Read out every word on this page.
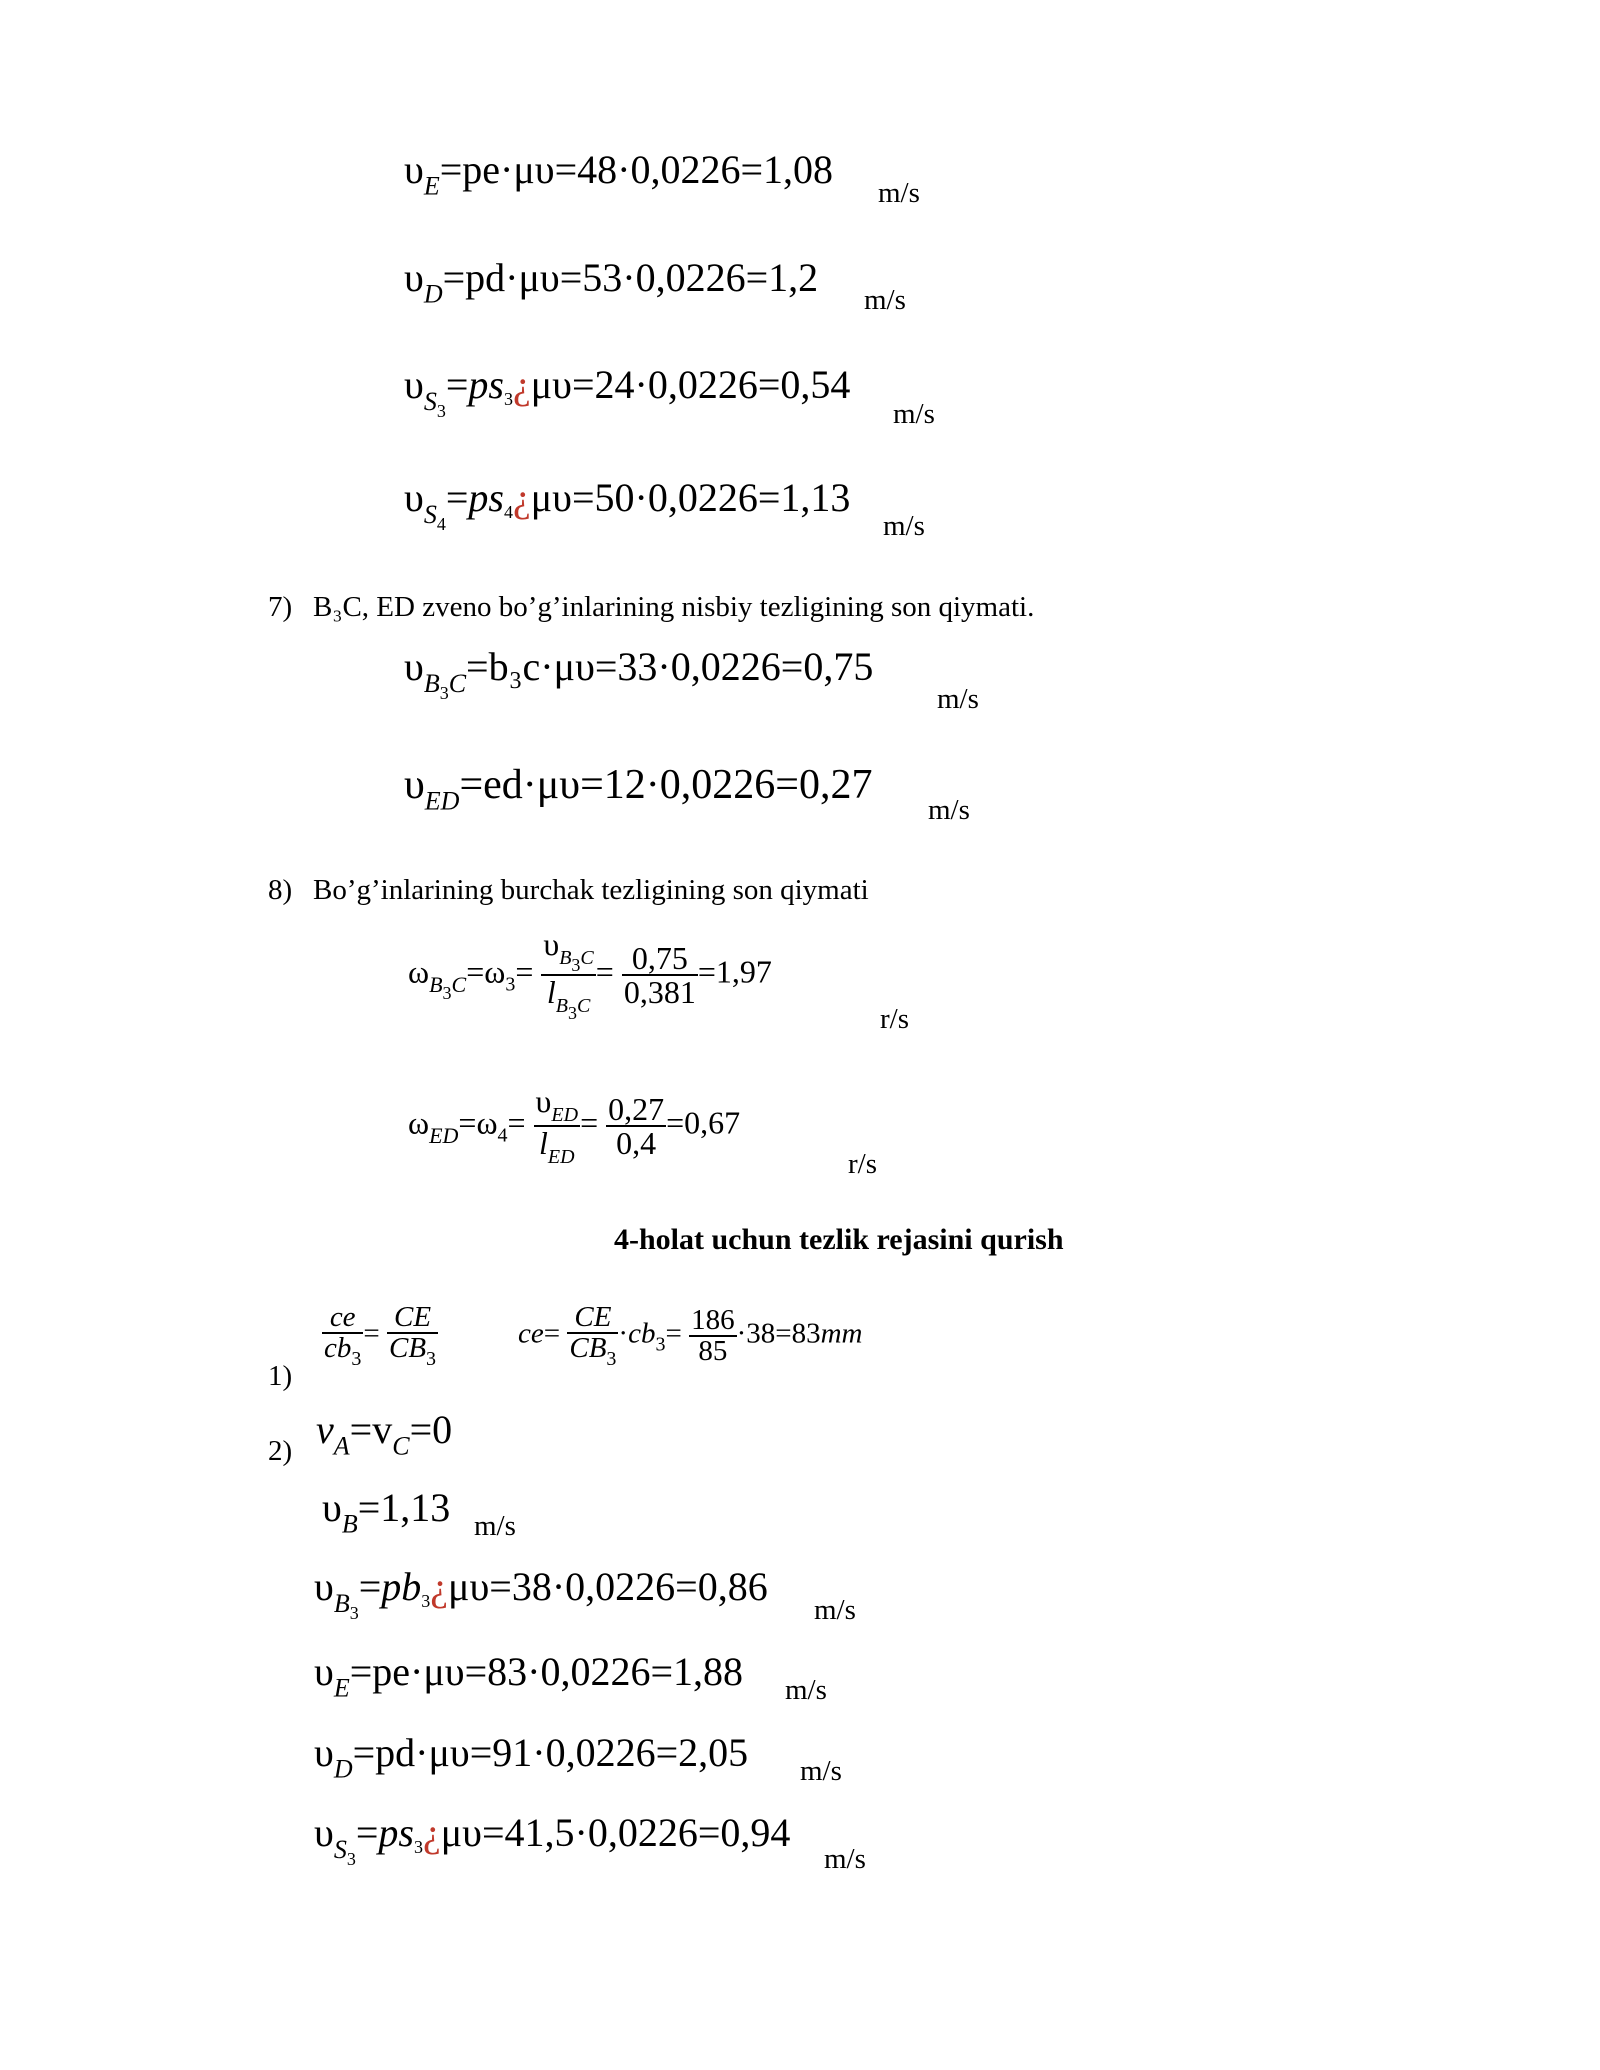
$\upsilon_E=pe\cdot\mu\upsilon=48\cdot 0,0226=1,08$
m/s
$\upsilon_D=pd\cdot\mu\upsilon=53\cdot 0,0226=1,2$ m/s
$\upsilon_{S_3}=ps3¿\mu\upsilon=24\cdot 0,0226=0,54$
m/s
$\upsilon_{S_4}=ps4¿\mu\upsilon=50\cdot 0,0226=1,13$
m/s
7) B₃C, ED zveno bo’g’inlarining nisbiy tezligining son qiymati.
$\upsilon_{B_3C}=b_3c\cdot\mu\upsilon=33\cdot 0,0226=0,75$
m/s
$\upsilon_{ED}=ed\cdot\mu\upsilon=12\cdot 0,0226=0,27$
m/s
8) Bo’g’inlarining burchak tezligining son qiymati
$\omega_{B_3C}=\omega_3= \frac{\upsilon_{B3C}}{l_{B3C}} = \frac{0,75}{0,381} =1,97$
r/s
$\omega_{ED}=\omega_4= \frac{\upsilon_{ED}}{l_{ED}} = \frac{0,27}{0,4} =0,67$
r/s
4-holat uchun tezlik rejasini qurish
1)
$\frac{ce}{cb_3} = \frac{CE}{CB_3}$	$ce= \frac{CE}{CB_3} \cdot cb_3= \frac{186}{85} \cdot 38=83mm$
2) $v_A=v_C=0$
$\upsilon_B=1,13$ m/s
$\upsilon_{B_3}=pb3¿\mu\upsilon=38\cdot 0,0226=0,86$
m/s
$\upsilon_E=pe\cdot\mu\upsilon=83\cdot 0,0226=1,88$ m/s
$\upsilon_D=pd\cdot\mu\upsilon=91\cdot 0,0226=2,05$ m/s
$\upsilon_{S_3}=ps3¿\mu\upsilon=41,5\cdot 0,0226=0,94$
m/s
